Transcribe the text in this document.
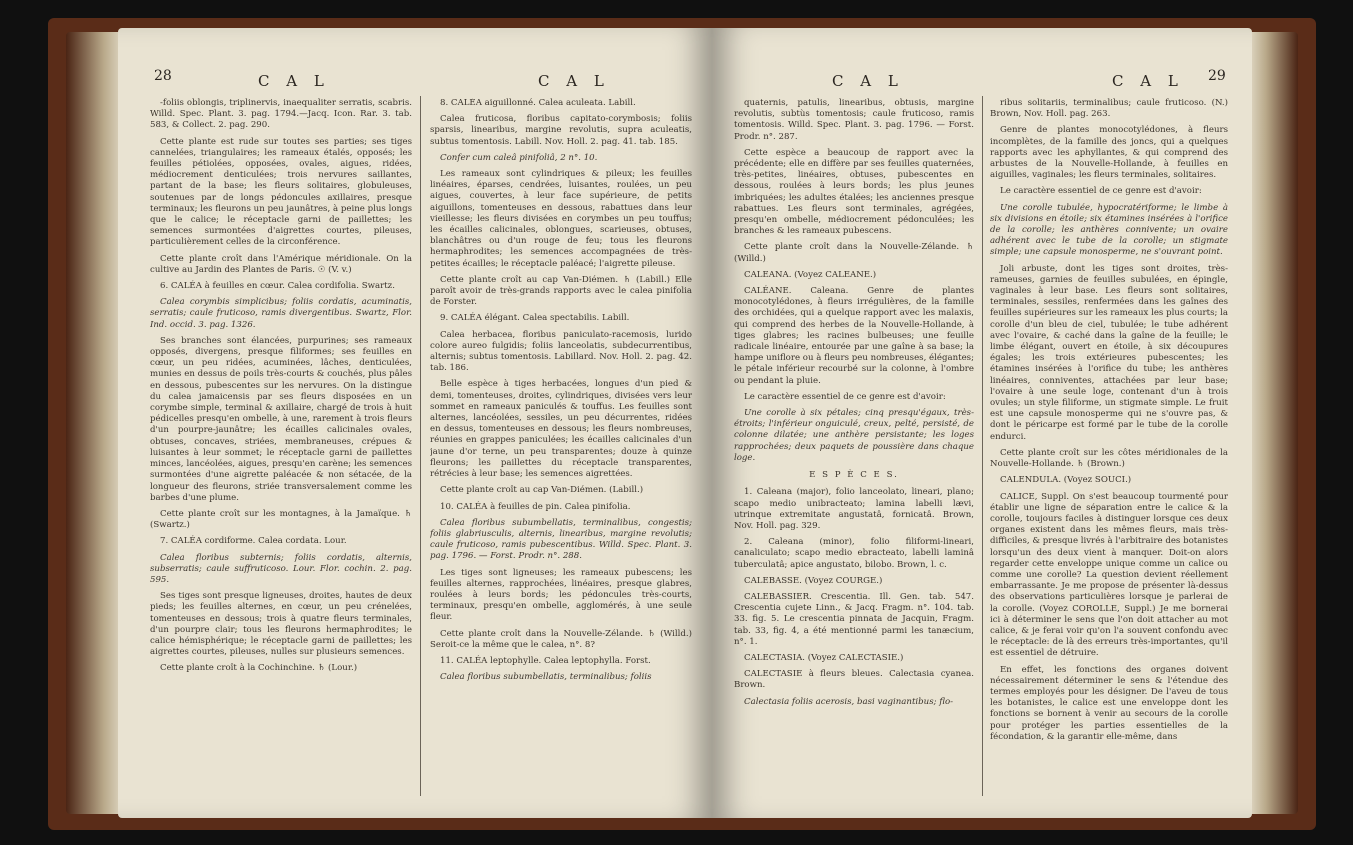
28	C A L	C A L

-foliis oblongis, triplinervis, inaequaliter serratis, scabris. Willd. Spec. Plant. 3. pag. 1794.—Jacq. Icon. Rar. 3. tab. 583, & Collect. 2. pag. 290.

Cette plante est rude sur toutes ses parties; ses tiges cannelées, triangulaires; les rameaux étalés, opposés; les feuilles pétiolées, opposées, ovales, aigues, ridées, médiocrement denticulées; trois nervures saillantes, partant de la base; les fleurs solitaires, globuleuses, soutenues par de longs pédoncules axillaires, presque terminaux; les fleurons un peu jaunâtres, à peine plus longs que le calice; le réceptacle garni de paillettes; les semences surmontées d'aigrettes courtes, pileuses, particulièrement celles de la circonférence.

Cette plante croît dans l'Amérique méridionale. On la cultive au Jardin des Plantes de Paris. ☉ (V. v.)

6. CALÉA à feuilles en cœur. Calea cordifolia. Swartz.

Calea corymbis simplicibus; foliis cordatis, acuminatis, serratis; caule fruticoso, ramis divergentibus. Swartz, Flor. Ind. occid. 3. pag. 1326.

Ses branches sont élancées, purpurines; ses rameaux opposés, divergens, presque filiformes; ses feuilles en cœur, un peu ridées, acuminées, lâches, denticulées, munies en dessus de poils très-courts & couchés, plus pâles en dessous, pubescentes sur les nervures. On la distingue du calea jamaicensis par ses fleurs disposées en un corymbe simple, terminal & axillaire, chargé de trois à huit pédicelles presqu'en ombelle, à une, rarement à trois fleurs d'un pourpre-jaunâtre; les écailles calicinales ovales, obtuses, concaves, striées, membraneuses, crépues & luisantes à leur sommet; le réceptacle garni de paillettes minces, lancéolées, aigues, presqu'en carène; les semences surmontées d'une aigrette paléacée & non sétacée, de la longueur des fleurons, striée transversalement comme les barbes d'une plume.

Cette plante croît sur les montagnes, à la Jamaïque. ♄ (Swartz.)

7. CALÉA cordiforme. Calea cordata. Lour.

Calea floribus subternis; foliis cordatis, alternis, subserratis; caule suffruticoso. Lour. Flor. cochin. 2. pag. 595.

Ses tiges sont presque ligneuses, droites, hautes de deux pieds; les feuilles alternes, en cœur, un peu crénelées, tomenteuses en dessous; trois à quatre fleurs terminales, d'un pourpre clair; tous les fleurons hermaphrodites; le calice hémisphérique; le réceptacle garni de paillettes; les aigrettes courtes, pileuses, nulles sur plusieurs semences.

Cette plante croît à la Cochinchine. ♄ (Lour.)

8. CALÉA aiguillonné. Calea aculeata. Labill.

Calea fruticosa, floribus capitato-corymbosis; foliis sparsis, linearibus, margine revolutis, supra aculeatis, subtus tomentosis. Labill. Nov. Holl. 2. pag. 41. tab. 185.

Confer cum caleâ pinifoliâ, 2 n°. 10.

Les rameaux sont cylindriques & pileux; les feuilles linéaires, éparses, cendrées, luisantes, roulées, un peu aigues, couvertes, à leur face supérieure, de petits aiguillons, tomenteuses en dessous, rabattues dans leur vieillesse; les fleurs divisées en corymbes un peu touffus; les écailles calicinales, oblongues, scarieuses, obtuses, blanchâtres ou d'un rouge de feu; tous les fleurons hermaphrodites; les semences accompagnées de très-petites écailles; le réceptacle paléacé; l'aigrette pileuse.

Cette plante croît au cap Van-Diémen. ♄ (Labill.) Elle paroît avoir de très-grands rapports avec le calea pinifolia de Forster.

9. CALÉA élégant. Calea spectabilis. Labill.

Calea herbacea, floribus paniculato-racemosis, lurido colore aureo fulgidis; foliis lanceolatis, subdecurrentibus, alternis; subtus tomentosis. Labillard. Nov. Holl. 2. pag. 42. tab. 186.

Belle espèce à tiges herbacées, longues d'un pied & demi, tomenteuses, droites, cylindriques, divisées vers leur sommet en rameaux paniculés & touffus. Les feuilles sont alternes, lancéolées, sessiles, un peu décurrentes, ridées en dessus, tomenteuses en dessous; les fleurs nombreuses, réunies en grappes paniculées; les écailles calicinales d'un jaune d'or terne, un peu transparentes; douze à quinze fleurons; les paillettes du réceptacle transparentes, rétrécies à leur base; les semences aigrettées.

Cette plante croît au cap Van-Diémen. (Labill.)

10. CALÉA à feuilles de pin. Calea pinifolia.

Calea floribus subumbellatis, terminalibus, congestis; foliis glabriusculis, alternis, linearibus, margine revolutis; caule fruticoso, ramis pubescentibus. Willd. Spec. Plant. 3. pag. 1796. — Forst. Prodr. n°. 288.

Les tiges sont ligneuses; les rameaux pubescens; les feuilles alternes, rapprochées, linéaires, presque glabres, roulées à leurs bords; les pédoncules très-courts, terminaux, presqu'en ombelle, agglomérés, à une seule fleur.

Cette plante croît dans la Nouvelle-Zélande. ♄ (Willd.) Seroit-ce la même que le calea, n°. 8?

11. CALÉA leptophylle. Calea leptophylla. Forst.

Calea floribus subumbellatis, terminalibus; foliis

C A L	C A L 29

quaternis, patulis, linearibus, obtusis, margine revolutis, subtùs tomentosis; caule fruticoso, ramis tomentosis. Willd. Spec. Plant. 3. pag. 1796. — Forst. Prodr. n°. 287.

Cette espèce a beaucoup de rapport avec la précédente; elle en diffère par ses feuilles quaternées, très-petites, linéaires, obtuses, pubescentes en dessous, roulées à leurs bords; les plus jeunes imbriquées; les adultes étalées; les anciennes presque rabattues. Les fleurs sont terminales, agrégées, presqu'en ombelle, médiocrement pédonculées; les branches & les rameaux pubescens.

Cette plante croît dans la Nouvelle-Zélande. ♄ (Willd.)

CALEANA. (Voyez CALEANE.)

CALÉANE. Caleana. Genre de plantes monocotylédones, à fleurs irrégulières, de la famille des orchidées, qui a quelque rapport avec les malaxis, qui comprend des herbes de la Nouvelle-Hollande, à tiges glabres; les racines bulbeuses; une feuille radicale linéaire, entourée par une gaîne à sa base; la hampe uniflore ou à fleurs peu nombreuses, élégantes; le pétale inférieur recourbé sur la colonne, à l'ombre ou pendant la pluie.

Le caractère essentiel de ce genre est d'avoir:

Une corolle à six pétales; cinq presqu'égaux, très-étroits; l'inférieur onguiculé, creux, pelté, persisté, de colonne dilatée; une anthère persistante; les loges rapprochées; deux paquets de poussière dans chaque loge.

E S P È C E S.

1. Caleana (major), folio lanceolato, lineari, plano; scapo medio unibracteato; lamina labelli lævi, utrinque extremitate angustatâ, fornicatâ. Brown, Nov. Holl. pag. 329.

2. Caleana (minor), folio filiformi-lineari, canaliculato; scapo medio ebracteato, labelli laminâ tuberculatâ; apice angustato, bilobo. Brown, l. c.

CALEBASSE. (Voyez COURGE.)

CALEBASSIER. Crescentia. Ill. Gen. tab. 547. Crescentia cujete Linn., & Jacq. Fragm. n°. 104. tab. 33. fig. 5. Le crescentia pinnata de Jacquin, Fragm. tab. 33, fig. 4, a été mentionné parmi les tanæcium, n°. 1.

CALECTASIA. (Voyez CALECTASIE.)

CALECTASIE à fleurs bleues. Calectasia cyanea. Brown.

Calectasia foliis acerosis, basi vaginantibus; flo-

ribus solitariis, terminalibus; caule fruticoso. (N.) Brown, Nov. Holl. pag. 263.

Genre de plantes monocotylédones, à fleurs incomplètes, de la famille des joncs, qui a quelques rapports avec les aphyllantes, & qui comprend des arbustes de la Nouvelle-Hollande, à feuilles en aiguilles, vaginales; les fleurs terminales, solitaires.

Le caractère essentiel de ce genre est d'avoir:

Une corolle tubulée, hypocratériforme; le limbe à six divisions en étoile; six étamines insérées à l'orifice de la corolle; les anthères connivente; un ovaire adhérent avec le tube de la corolle; un stigmate simple; une capsule monosperme, ne s'ouvrant point.

Joli arbuste, dont les tiges sont droites, très-rameuses, garnies de feuilles subulées, en épingle, vaginales à leur base. Les fleurs sont solitaires, terminales, sessiles, renfermées dans les gaînes des feuilles supérieures sur les rameaux les plus courts; la corolle d'un bleu de ciel, tubulée; le tube adhérent avec l'ovaire, & caché dans la gaîne de la feuille; le limbe élégant, ouvert en étoile, à six découpures égales; les trois extérieures pubescentes; les étamines insérées à l'orifice du tube; les anthères linéaires, conniventes, attachées par leur base; l'ovaire à une seule loge, contenant d'un à trois ovules; un style filiforme, un stigmate simple. Le fruit est une capsule monosperme qui ne s'ouvre pas, & dont le péricarpe est formé par le tube de la corolle endurci.

Cette plante croît sur les côtes méridionales de la Nouvelle-Hollande. ♄ (Brown.)

CALENDULA. (Voyez SOUCI.)

CALICE, Suppl. On s'est beaucoup tourmenté pour établir une ligne de séparation entre le calice & la corolle, toujours faciles à distinguer lorsque ces deux organes existent dans les mêmes fleurs, mais très-difficiles, & presque livrés à l'arbitraire des botanistes lorsqu'un des deux vient à manquer. Doit-on alors regarder cette enveloppe unique comme un calice ou comme une corolle? La question devient réellement embarrassante. Je me propose de présenter là-dessus des observations particulières lorsque je parlerai de la corolle. (Voyez COROLLE, Suppl.) Je me bornerai ici à déterminer le sens que l'on doit attacher au mot calice, & je ferai voir qu'on l'a souvent confondu avec le réceptacle: de là des erreurs très-importantes, qu'il est essentiel de détruire.

En effet, les fonctions des organes doivent nécessairement déterminer le sens & l'étendue des termes employés pour les désigner. De l'aveu de tous les botanistes, le calice est une enveloppe dont les fonctions se bornent à venir au secours de la corolle pour protéger les parties essentielles de la fécondation, & la garantir elle-même, dans
